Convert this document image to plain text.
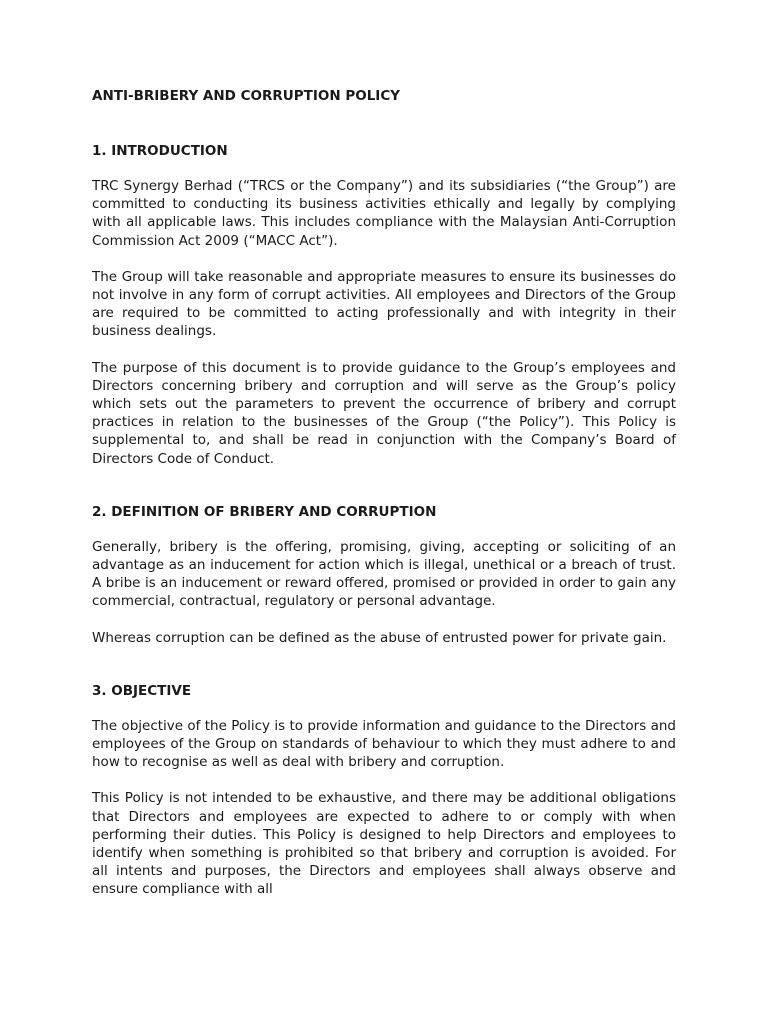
ANTI-BRIBERY AND CORRUPTION POLICY
1. INTRODUCTION

TRC Synergy Berhad (“TRCS or the Company”) and its subsidiaries (“the Group”) are committed to conducting its business activities ethically and legally by complying with all applicable laws. This includes compliance with the Malaysian Anti-Corruption Commission Act 2009 (“MACC Act”).

The Group will take reasonable and appropriate measures to ensure its businesses do not involve in any form of corrupt activities. All employees and Directors of the Group are required to be committed to acting professionally and with integrity in their business dealings.

The purpose of this document is to provide guidance to the Group’s employees and Directors concerning bribery and corruption and will serve as the Group’s policy which sets out the parameters to prevent the occurrence of bribery and corrupt practices in relation to the businesses of the Group (“the Policy”). This Policy is supplemental to, and shall be read in conjunction with the Company’s Board of Directors Code of Conduct.

2. DEFINITION OF BRIBERY AND CORRUPTION

Generally, bribery is the offering, promising, giving, accepting or soliciting of an advantage as an inducement for action which is illegal, unethical or a breach of trust. A bribe is an inducement or reward offered, promised or provided in order to gain any commercial, contractual, regulatory or personal advantage.

Whereas corruption can be defined as the abuse of entrusted power for private gain.

3. OBJECTIVE

The objective of the Policy is to provide information and guidance to the Directors and employees of the Group on standards of behaviour to which they must adhere to and how to recognise as well as deal with bribery and corruption.

This Policy is not intended to be exhaustive, and there may be additional obligations that Directors and employees are expected to adhere to or comply with when performing their duties. This Policy is designed to help Directors and employees to identify when something is prohibited so that bribery and corruption is avoided. For all intents and purposes, the Directors and employees shall always observe and ensure compliance with all
